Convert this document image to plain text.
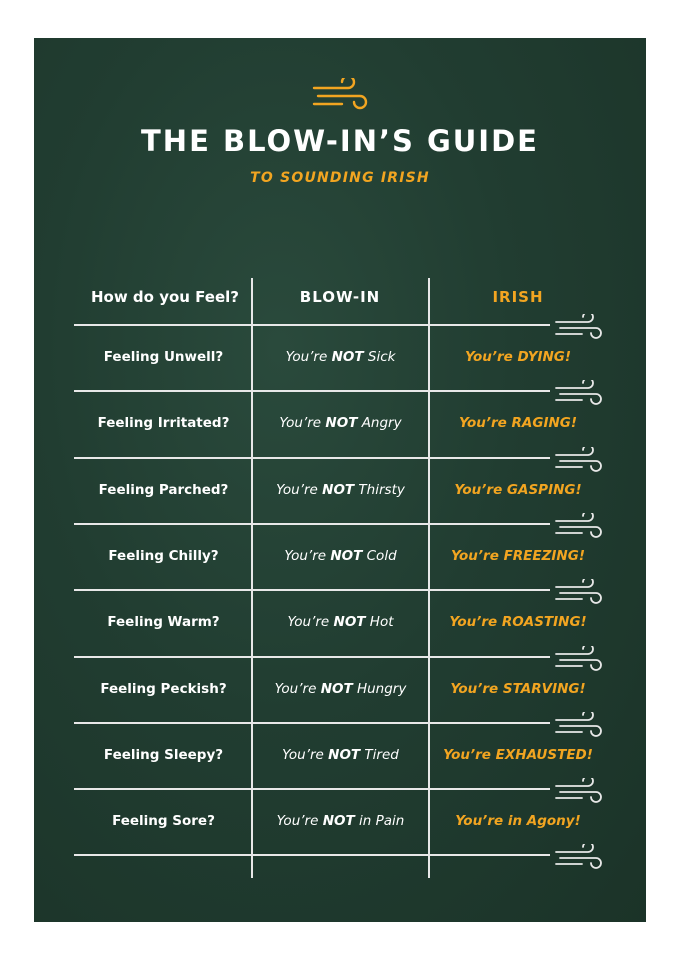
THE BLOW-IN’S GUIDE
TO SOUNDING IRISH
How do you Feel?	BLOW-IN	IRISH
Feeling Unwell?	You’re NOT Sick	You’re DYING!
Feeling Irritated?	You’re NOT Angry	You’re RAGING!
Feeling Parched?	You’re NOT Thirsty	You’re GASPING!
Feeling Chilly?	You’re NOT Cold	You’re FREEZING!
Feeling Warm?	You’re NOT Hot	You’re ROASTING!
Feeling Peckish?	You’re NOT Hungry	You’re STARVING!
Feeling Sleepy?	You’re NOT Tired	You’re EXHAUSTED!
Feeling Sore?	You’re NOT in Pain	You’re in Agony!
